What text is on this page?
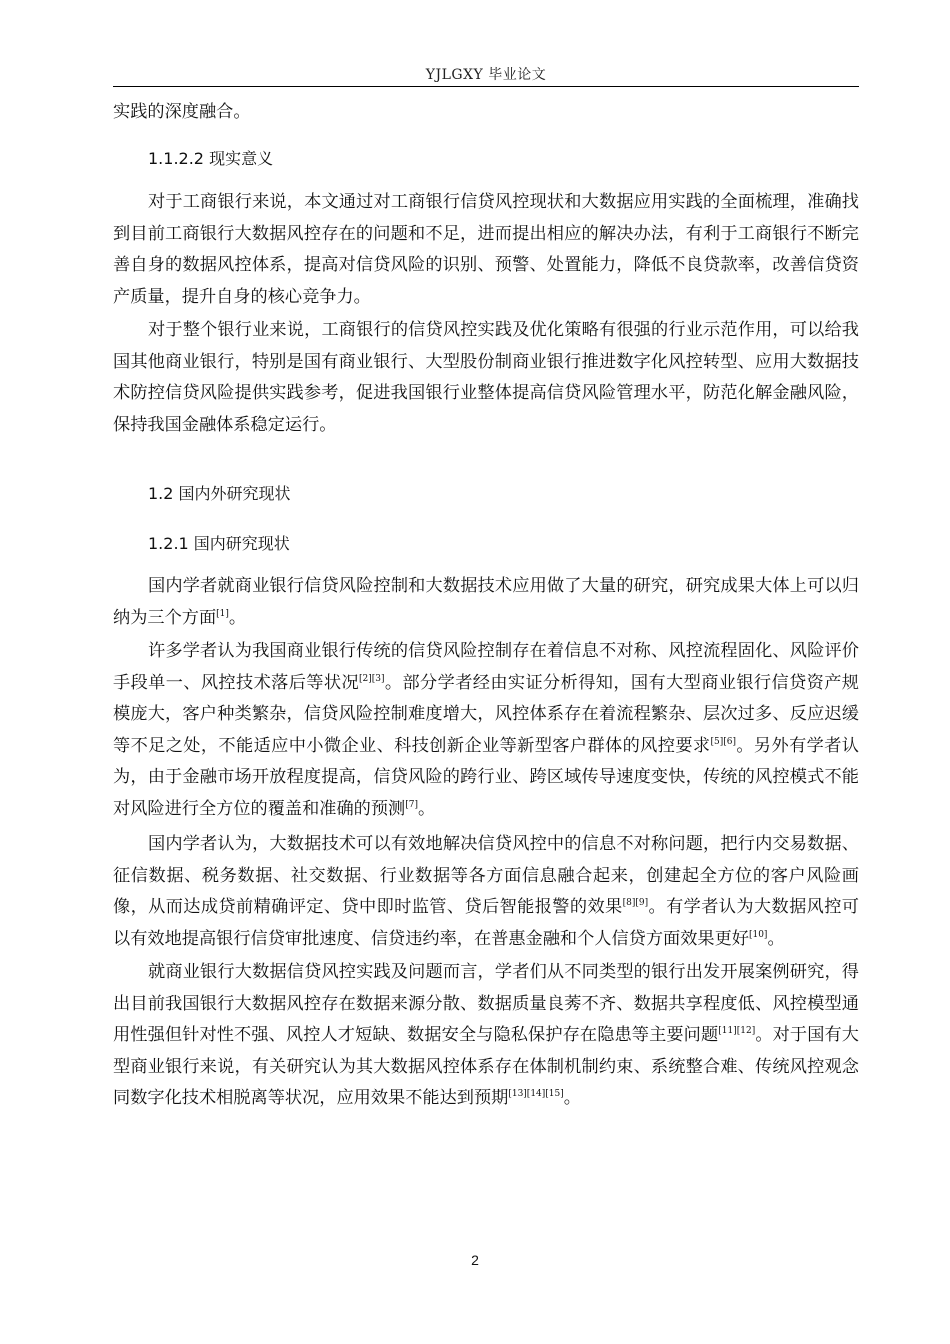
YJLGXY 毕业论文

实践的深度融合。

1.1.2.2 现实意义

对于工商银行来说，本文通过对工商银行信贷风控现状和大数据应用实践的全面梳理，准确找到目前工商银行大数据风控存在的问题和不足，进而提出相应的解决办法，有利于工商银行不断完善自身的数据风控体系，提高对信贷风险的识别、预警、处置能力，降低不良贷款率，改善信贷资产质量，提升自身的核心竞争力。

对于整个银行业来说，工商银行的信贷风控实践及优化策略有很强的行业示范作用，可以给我国其他商业银行，特别是国有商业银行、大型股份制商业银行推进数字化风控转型、应用大数据技术防控信贷风险提供实践参考，促进我国银行业整体提高信贷风险管理水平，防范化解金融风险，保持我国金融体系稳定运行。

1.2 国内外研究现状

1.2.1 国内研究现状

国内学者就商业银行信贷风险控制和大数据技术应用做了大量的研究，研究成果大体上可以归纳为三个方面[1]。

许多学者认为我国商业银行传统的信贷风险控制存在着信息不对称、风控流程固化、风险评价手段单一、风控技术落后等状况[2][3]。部分学者经由实证分析得知，国有大型商业银行信贷资产规模庞大，客户种类繁杂，信贷风险控制难度增大，风控体系存在着流程繁杂、层次过多、反应迟缓等不足之处，不能适应中小微企业、科技创新企业等新型客户群体的风控要求[5][6]。另外有学者认为，由于金融市场开放程度提高，信贷风险的跨行业、跨区域传导速度变快，传统的风控模式不能对风险进行全方位的覆盖和准确的预测[7]。

国内学者认为，大数据技术可以有效地解决信贷风控中的信息不对称问题，把行内交易数据、征信数据、税务数据、社交数据、行业数据等各方面信息融合起来，创建起全方位的客户风险画像，从而达成贷前精确评定、贷中即时监管、贷后智能报警的效果[8][9]。有学者认为大数据风控可以有效地提高银行信贷审批速度、信贷违约率，在普惠金融和个人信贷方面效果更好[10]。

就商业银行大数据信贷风控实践及问题而言，学者们从不同类型的银行出发开展案例研究，得出目前我国银行大数据风控存在数据来源分散、数据质量良莠不齐、数据共享程度低、风控模型通用性强但针对性不强、风控人才短缺、数据安全与隐私保护存在隐患等主要问题[11][12]。对于国有大型商业银行来说，有关研究认为其大数据风控体系存在体制机制约束、系统整合难、传统风控观念同数字化技术相脱离等状况，应用效果不能达到预期[13][14][15]。

2
